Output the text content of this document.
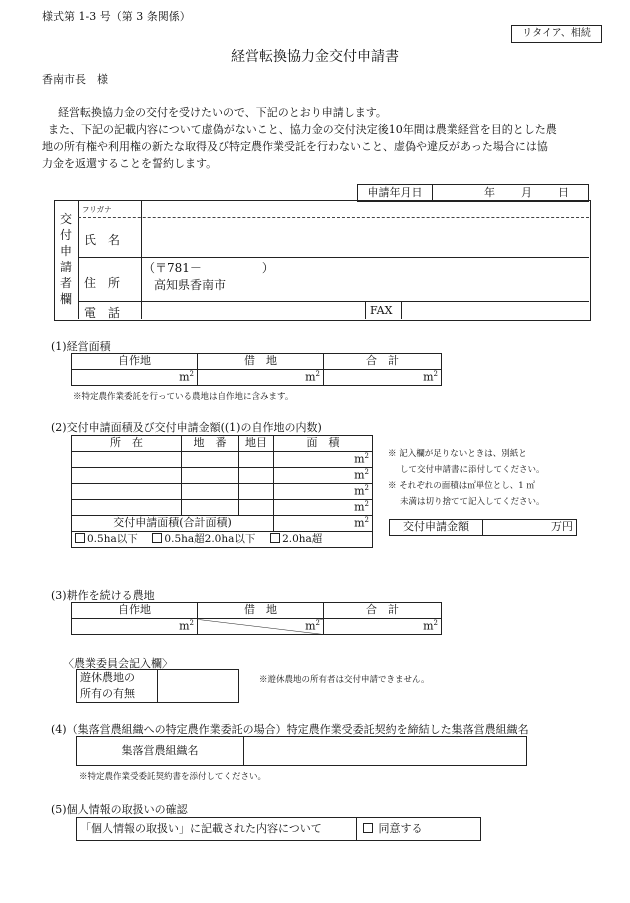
様式第 1-3 号（第 3 条関係）
リタイア、相続
経営転換協力金交付申請書
香南市長　様
経営転換協力金の交付を受けたいので、下記のとおり申請します。
また、下記の記載内容について虚偽がないこと、協力金の交付決定後10年間は農業経営を目的とした農
地の所有権や利用権の新たな取得及び特定農作業受託を行わないこと、虚偽や違反があった場合には協
力金を返還することを誓約します。
申請年月日	年 月 日
交
付
申
請
者
欄
フリガナ
氏　名
住　所
（〒781－　　　　　）
高知県香南市
電　話	FAX
(1)経営面積
自作地	借　地	合　計
$m^2$	$m^2$	$m^2$
※特定農作業委託を行っている農地は自作地に含みます。
(2)交付申請面積及び交付申請金額((1)の自作地の内数)
所　在	地　番	地目	面　積
			$m^2$
			$m^2$
			$m^2$
			$m^2$
交付申請面積(合計面積)			$m^2$
0.5ha以下 0.5ha超2.0ha以下 2.0ha超			
※ 記入欄が足りないときは、別紙と
して交付申請書に添付してください。
※ それぞれの面積は㎡単位とし、1 ㎡
未満は切り捨てて記入してください。
交付申請金額	万円
(3)耕作を続ける農地
自作地	借　地	合　計
$m^2$	$m^2$	$m^2$
〈農業委員会記入欄〉
遊休農地の
所有の有無

※遊休農地の所有者は交付申請できません。
(4)（集落営農組織への特定農作業委託の場合）特定農作業受委託契約を締結した集落営農組織名
集落営農組織名	
※特定農作業受委託契約書を添付してください。
(5)個人情報の取扱いの確認
「個人情報の取扱い」に記載された内容について	同意する
